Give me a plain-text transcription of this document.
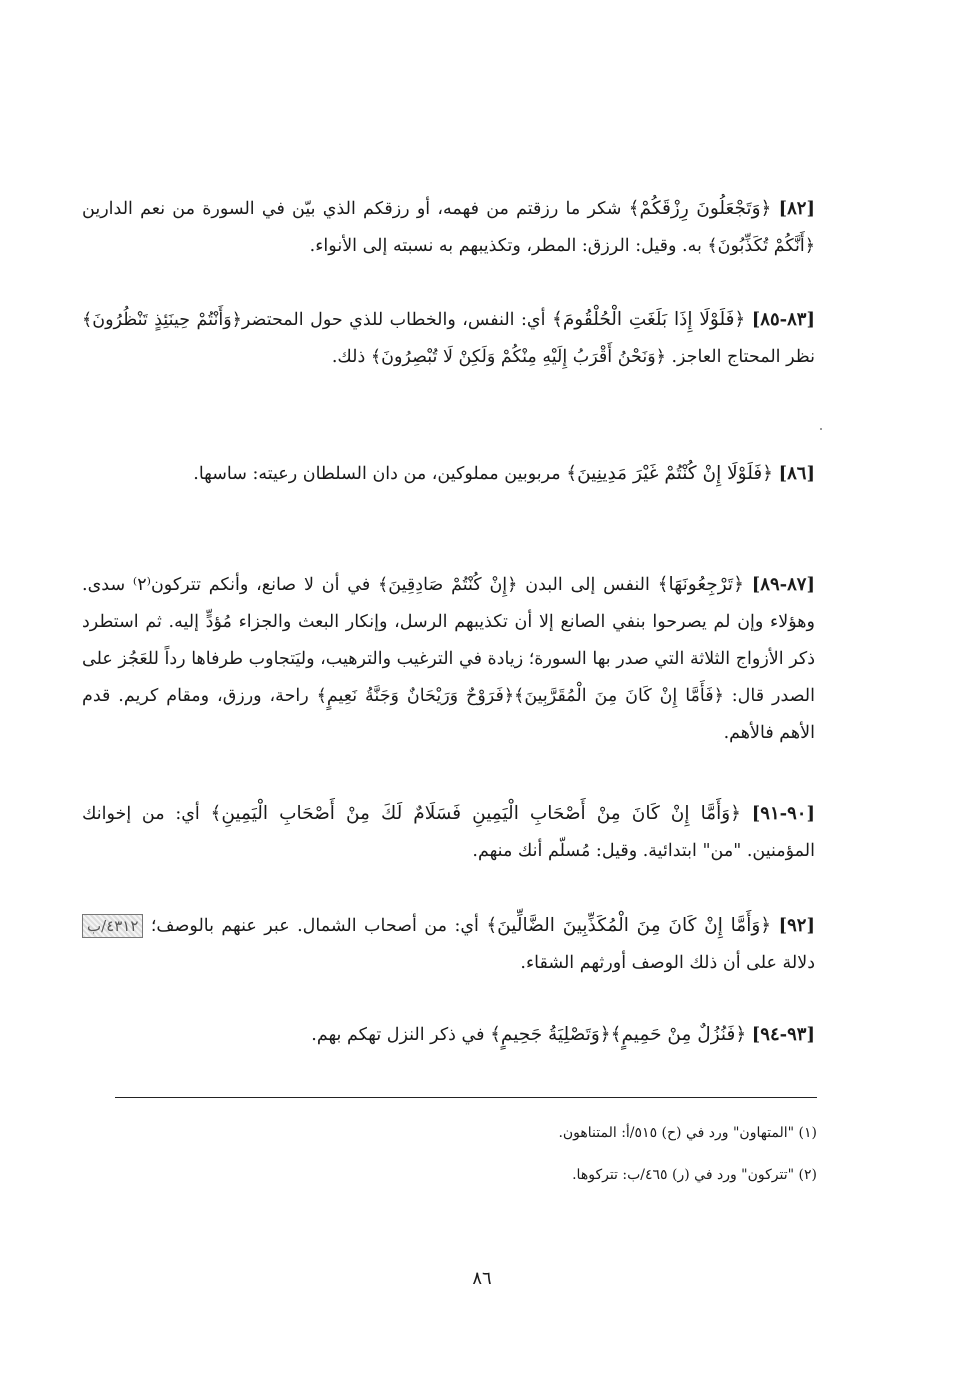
[٨٢] ﴿وَتَجْعَلُونَ رِزْقَكُمْ﴾ شكر ما رزقتم من فهمه، أو رزقكم الذي بيّن في السورة من نعم الدارين ﴿أَنَّكُمْ تُكَذِّبُونَ﴾ به. وقيل: الرزق: المطر، وتكذيبهم به نسبته إلى الأنواء.

[٨٣-٨٥] ﴿فَلَوْلَا إِذَا بَلَغَتِ الْحُلْقُومَ﴾ أي: النفس، والخطاب للذي حول المحتضر﴿وَأَنْتُمْ حِينَئِذٍ تَنْظُرُونَ﴾ نظر المحتاج العاجز. ﴿وَنَحْنُ أَقْرَبُ إِلَيْهِ مِنْكُمْ وَلَكِنْ لَا تُبْصِرُونَ﴾ ذلك.

[٨٦] ﴿فَلَوْلَا إِنْ كُنْتُمْ غَيْرَ مَدِينِينَ﴾ مربوبين مملوكين، من دان السلطان رعيته: ساسها.

[٨٧-٨٩] ﴿تَرْجِعُونَهَا﴾ النفس إلى البدن ﴿إِنْ كُنْتُمْ صَادِقِينَ﴾ في أن لا صانع، وأنكم تتركون⁽٢⁾ سدى. وهؤلاء وإن لم يصرحوا بنفي الصانع إلا أن تكذيبهم الرسل، وإنكار البعث والجزاء مُؤدٍّ إليه. ثم استطرد ذكر الأزواج الثلاثة التي صدر بها السورة؛ زيادة في الترغيب والترهيب، وليَتجاوب طرفاها رداً للعَجُز على الصدر قال: ﴿فَأَمَّا إِنْ كَانَ مِنَ الْمُقَرَّبِينَ﴾﴿فَرَوْحٌ وَرَيْحَانٌ وَجَنَّةُ نَعِيمٍ﴾ راحة، ورزق، ومقام كريم. قدم الأهم فالأهم.

[٩٠-٩١] ﴿وَأَمَّا إِنْ كَانَ مِنْ أَصْحَابِ الْيَمِينِ فَسَلَامٌ لَكَ مِنْ أَصْحَابِ الْيَمِينِ﴾ أي: من إخوانك المؤمنين. "من" ابتدائية. وقيل: مُسلّم أنك منهم.

[٩٢] ﴿وَأَمَّا إِنْ كَانَ مِنَ الْمُكَذِّبِينَ الضَّالِّينَ﴾ أي: من أصحاب الشمال. عبر عنهم بالوصف؛ ٤٣١٢/ب دلالة على أن ذلك الوصف أورثهم الشقاء.

[٩٣-٩٤] ﴿فَنُزُلٌ مِنْ حَمِيمٍ﴾﴿وَتَصْلِيَةُ جَحِيمٍ﴾ في ذكر النزل تهكم بهم.

(١) "المتهاون" ورد في (ح) ٥١٥/أ: المتناهون.
(٢) "تتركون" ورد في (ر) ٤٦٥/ب: تتركوها.
٨٦
